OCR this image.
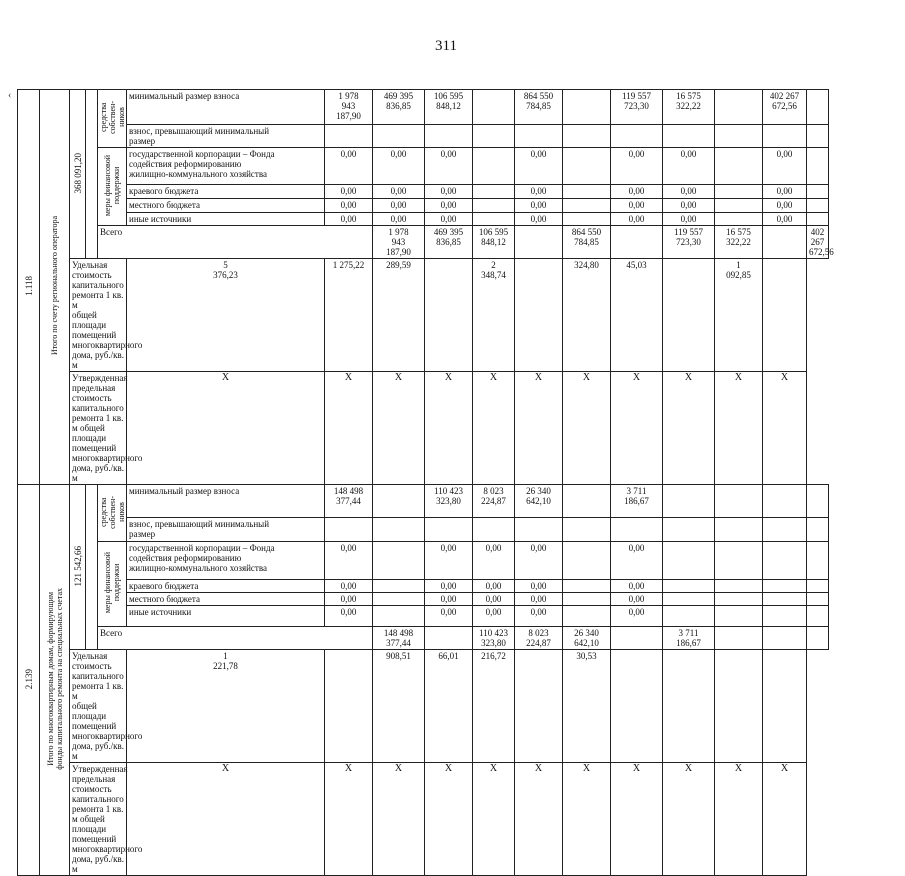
311
‹
1.118	Итого по счету регионального оператора	368 091,20		средства
собствен-
ников	минимальный размер взноса	1 978
943
187,90	469 395
836,85	106 595
848,12		864 550
784,85		119 557
723,30	16 575
322,22		402 267
672,56		
					взнос, превышающий минимальный
размер												
				меры финансовой
поддержки	государственной корпорации – Фонда
содействия реформированию
жилищно-коммунального хозяйства	0,00	0,00	0,00		0,00		0,00	0,00		0,00		
					краевого бюджета	0,00	0,00	0,00		0,00		0,00	0,00		0,00		
					местного бюджета	0,00	0,00	0,00		0,00		0,00	0,00		0,00		
					иные источники	0,00	0,00	0,00		0,00		0,00	0,00		0,00		
				Всего			1 978
943
187,90	469 395
836,85	106 595
848,12		864 550
784,85		119 557
723,30	16 575
322,22		402 267
672,56	
		Удельная стоимость капитального ремонта 1 кв. м
общей площади помещений многоквартирного
дома, руб./кв. м			5
376,23	1 275,22	289,59		2
348,74		324,80	45,03		1
092,85			
		Утвержденная предельная стоимость
капитального ремонта 1 кв. м общей площади
помещений многоквартирного дома, руб./кв. м			X	X	X	X	X	X	X	X	X	X	X		
2.139	Итого по многоквартирным домам, формирующим
фонды капитального ремонта на специальных счетах	121 542,66		средства
собствен-
ников	минимальный размер взноса	148 498
377,44		110 423
323,80	8 023
224,87	26 340
642,10		3 711
186,67					
					взнос, превышающий минимальный
размер												
				меры финансовой
поддержки	государственной корпорации – Фонда
содействия реформированию
жилищно-коммунального хозяйства	0,00		0,00	0,00	0,00		0,00					
					краевого бюджета	0,00		0,00	0,00	0,00		0,00					
					местного бюджета	0,00		0,00	0,00	0,00		0,00					
					иные источники	0,00		0,00	0,00	0,00		0,00					
				Всего			148 498
377,44		110 423
323,80	8 023
224,87	26 340
642,10		3 711
186,67				
		Удельная стоимость капитального ремонта 1 кв. м
общей площади помещений многоквартирного
дома, руб./кв. м			1
221,78		908,51	66,01	216,72		30,53						
		Утвержденная предельная стоимость
капитального ремонта 1 кв. м общей площади
помещений многоквартирного дома, руб./кв. м			X	X	X	X	X	X	X	X	X	X	X		
